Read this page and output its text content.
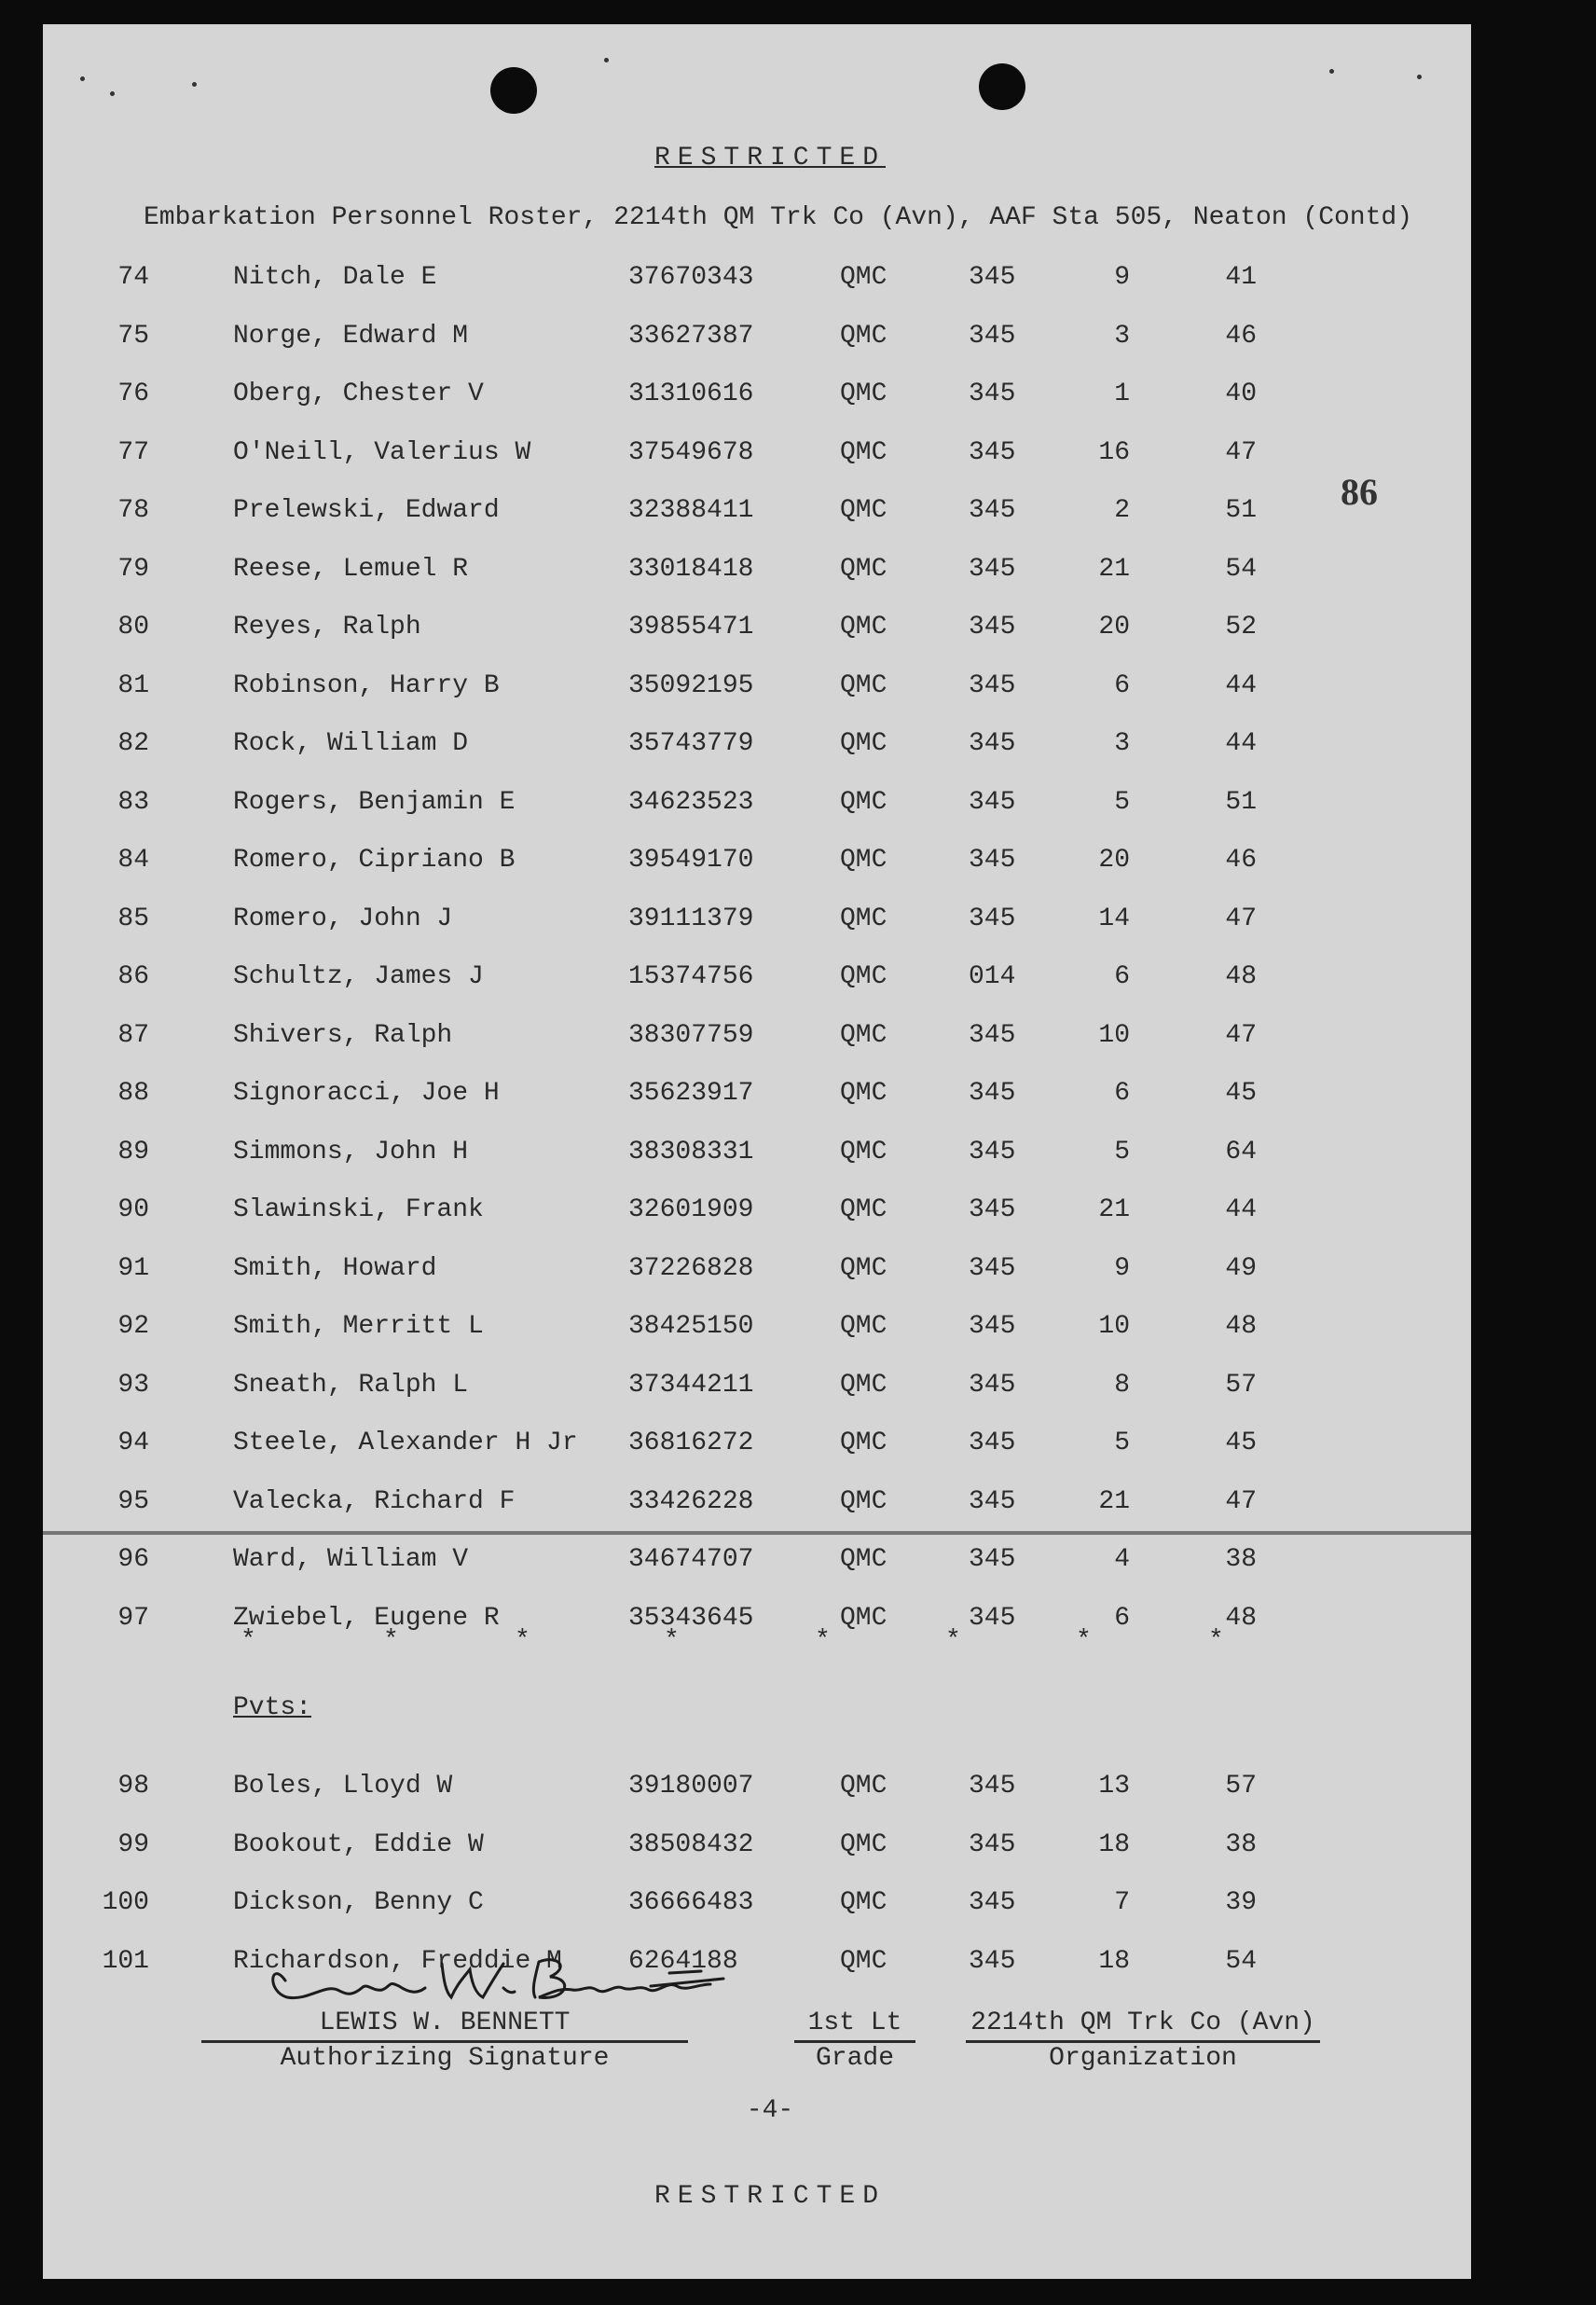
RESTRICTED
Embarkation Personnel Roster, 2214th QM Trk Co (Avn), AAF Sta 505, Neaton (Contd)
86
74	Nitch, Dale E	37670343	QMC	345	9	41
75	Norge, Edward M	33627387	QMC	345	3	46
76	Oberg, Chester V	31310616	QMC	345	1	40
77	O'Neill, Valerius W	37549678	QMC	345	16	47
78	Prelewski, Edward	32388411	QMC	345	2	51
79	Reese, Lemuel R	33018418	QMC	345	21	54
80	Reyes, Ralph	39855471	QMC	345	20	52
81	Robinson, Harry B	35092195	QMC	345	6	44
82	Rock, William D	35743779	QMC	345	3	44
83	Rogers, Benjamin E	34623523	QMC	345	5	51
84	Romero, Cipriano B	39549170	QMC	345	20	46
85	Romero, John J	39111379	QMC	345	14	47
86	Schultz, James J	15374756	QMC	014	6	48
87	Shivers, Ralph	38307759	QMC	345	10	47
88	Signoracci, Joe H	35623917	QMC	345	6	45
89	Simmons, John H	38308331	QMC	345	5	64
90	Slawinski, Frank	32601909	QMC	345	21	44
91	Smith, Howard	37226828	QMC	345	9	49
92	Smith, Merritt L	38425150	QMC	345	10	48
93	Sneath, Ralph L	37344211	QMC	345	8	57
94	Steele, Alexander H Jr 36816272	QMC	345	5	45
95	Valecka, Richard F	33426228	QMC	345	21	47
96	Ward, William V	34674707	QMC	345	4	38
97	Zwiebel, Eugene R	35343645	QMC	345	6	48
*	*	*	*	*	*	*	*
Pvts:
98	Boles, Lloyd W	39180007	QMC	345	13	57
99	Bookout, Eddie W	38508432	QMC	345	18	38
100	Dickson, Benny C	36666483	QMC	345	7	39
101	Richardson, Freddie M	6264188	QMC	345	18	54
LEWIS W. BENNETT
Authorizing Signature
1st Lt
Grade
2214th QM Trk Co (Avn)
Organization
-4-
RESTRICTED
